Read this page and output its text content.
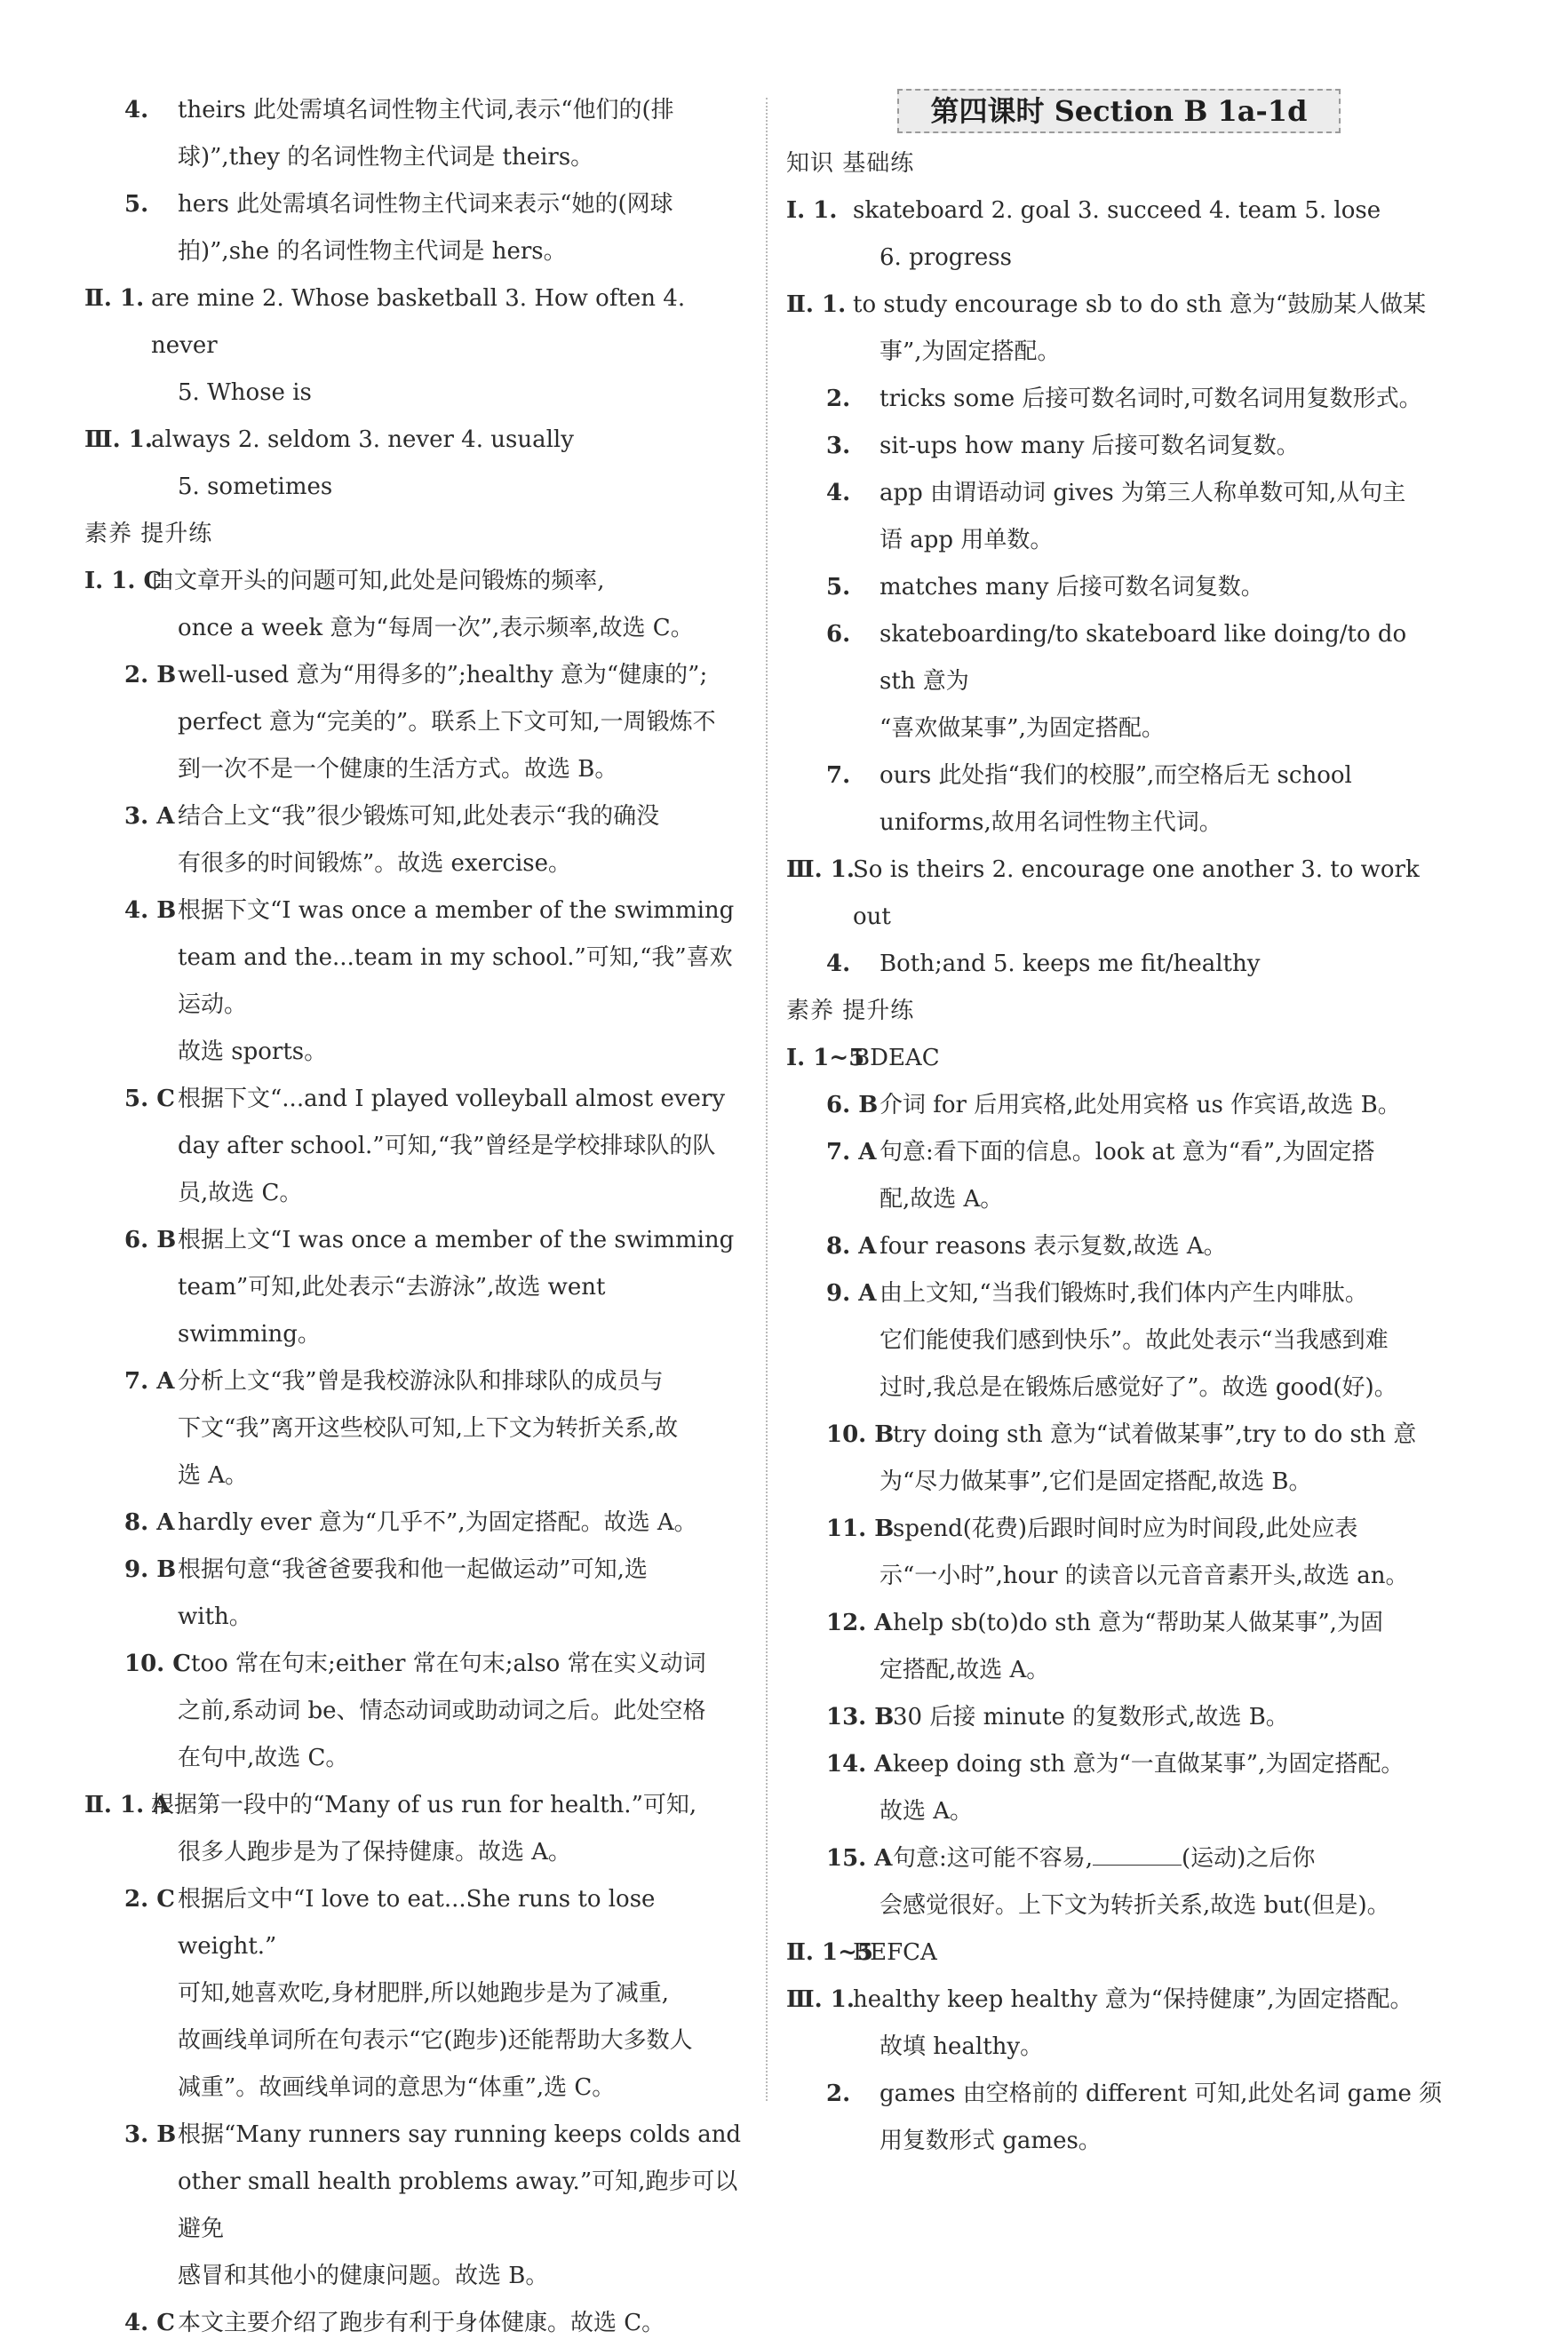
4.	theirs 此处需填名词性物主代词,表示“他们的(排
球)”,they 的名词性物主代词是 theirs。
5.	hers 此处需填名词性物主代词来表示“她的(网球
拍)”,she 的名词性物主代词是 hers。
Ⅱ. 1. are mine 2. Whose basketball 3. How often 4. never
5. Whose is
Ⅲ. 1.
always 2. seldom 3. never 4. usually
5. sometimes
素养 提升练
Ⅰ. 1. C
由文章开头的问题可知,此处是问锻炼的频率,
once a week 意为“每周一次”,表示频率,故选 C。
2. B well-used 意为“用得多的”;healthy 意为“健康的”;
perfect 意为“完美的”。联系上下文可知,一周锻炼不
到一次不是一个健康的生活方式。故选 B。
3. A 结合上文“我”很少锻炼可知,此处表示“我的确没
有很多的时间锻炼”。故选 exercise。
4. B 根据下文“I was once a member of the swimming
team and the...team in my school.”可知,“我”喜欢运动。
故选 sports。
5. C 根据下文“...and I played volleyball almost every
day after school.”可知,“我”曾经是学校排球队的队
员,故选 C。
6. B 根据上文“I was once a member of the swimming
team”可知,此处表示“去游泳”,故选 went swimming。
7. A 分析上文“我”曾是我校游泳队和排球队的成员与
下文“我”离开这些校队可知,上下文为转折关系,故
选 A。
8. A hardly ever 意为“几乎不”,为固定搭配。故选 A。
9. B 根据句意“我爸爸要我和他一起做运动”可知,选
with。
10. C too 常在句末;either 常在句末;also 常在实义动词
之前,系动词 be、情态动词或助动词之后。此处空格
在句中,故选 C。
Ⅱ. 1. A
根据第一段中的“Many of us run for health.”可知,
很多人跑步是为了保持健康。故选 A。
2. C 根据后文中“I love to eat...She runs to lose weight.”
可知,她喜欢吃,身材肥胖,所以她跑步是为了减重,
故画线单词所在句表示“它(跑步)还能帮助大多数人
减重”。故画线单词的意思为“体重”,选 C。
3. B 根据“Many runners say running keeps colds and
other small health problems away.”可知,跑步可以避免
感冒和其他小的健康问题。故选 B。
4. C 本文主要介绍了跑步有利于身体健康。故选 C。
第四课时 Section B 1a-1d
知识 基础练
Ⅰ. 1. skateboard 2. goal 3. succeed 4. team 5. lose
6. progress
Ⅱ. 1. to study encourage sb to do sth 意为“鼓励某人做某
事”,为固定搭配。
2.	tricks some 后接可数名词时,可数名词用复数形式。
3.	sit-ups how many 后接可数名词复数。
4.	app 由谓语动词 gives 为第三人称单数可知,从句主
语 app 用单数。
5.	matches many 后接可数名词复数。
6.	skateboarding/to skateboard like doing/to do sth 意为
“喜欢做某事”,为固定搭配。
7.	ours 此处指“我们的校服”,而空格后无 school
uniforms,故用名词性物主代词。
Ⅲ. 1.
So is theirs 2. encourage one another 3. to work out
4.	Both;and 5. keeps me fit/healthy
素养 提升练
Ⅰ. 1~5
BDEAC
6. B 介词 for 后用宾格,此处用宾格 us 作宾语,故选 B。
7. A 句意:看下面的信息。look at 意为“看”,为固定搭
配,故选 A。
8. A four reasons 表示复数,故选 A。
9. A 由上文知,“当我们锻炼时,我们体内产生内啡肽。
它们能使我们感到快乐”。故此处表示“当我感到难
过时,我总是在锻炼后感觉好了”。故选 good(好)。
10. B
try doing sth 意为“试着做某事”,try to do sth 意
为“尽力做某事”,它们是固定搭配,故选 B。
11. B
spend(花费)后跟时间时应为时间段,此处应表
示“一小时”,hour 的读音以元音音素开头,故选 an。
12. A help sb(to)do sth 意为“帮助某人做某事”,为固
定搭配,故选 A。
13. B
30 后接 minute 的复数形式,故选 B。
14. A keep doing sth 意为“一直做某事”,为固定搭配。
故选 A。
15. A 句意:这可能不容易,	(运动)之后你
会感觉很好。上下文为转折关系,故选 but(但是)。
Ⅱ. 1~5
BEFCA
Ⅲ. 1.
healthy keep healthy 意为“保持健康”,为固定搭配。
故填 healthy。
2.	games 由空格前的 different 可知,此处名词 game 须
用复数形式 games。
